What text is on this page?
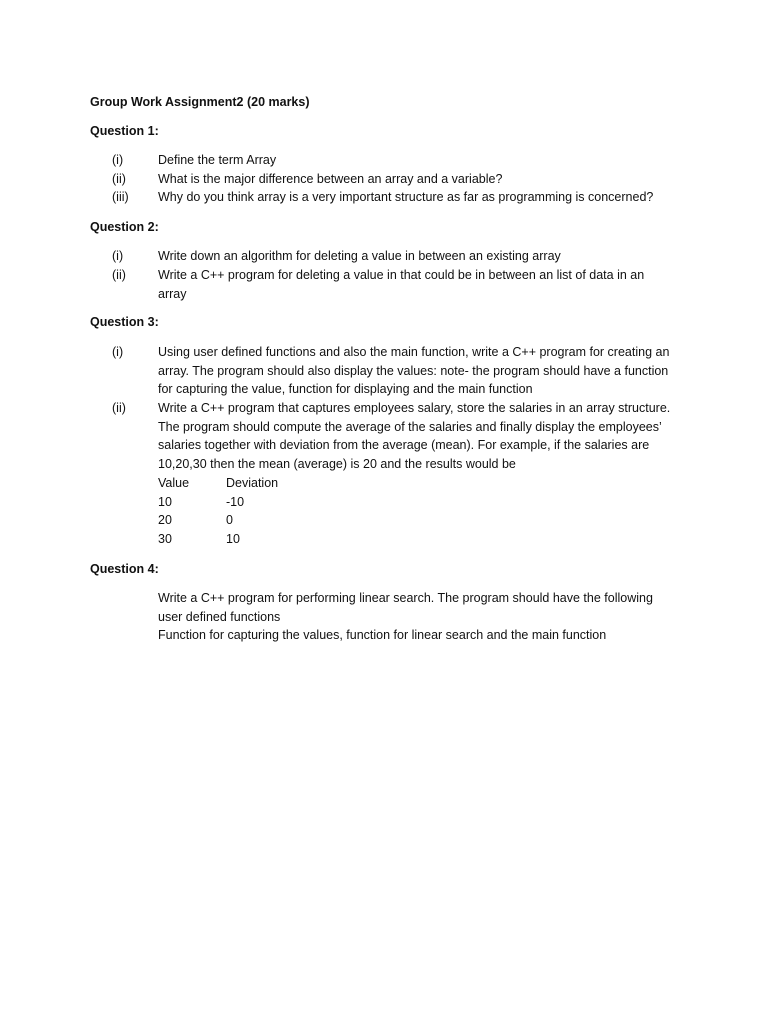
Group Work Assignment2 (20 marks)
Question 1:
(i)	Define the term Array
(ii)	What is the major difference between an array and a variable?
(iii) Why do you think array is a very important structure as far as programming is concerned?
Question 2:
(i)	Write down an algorithm for deleting a value in between an existing array
(ii)	Write a C++ program for deleting a value in that could be in between an list of data in an array
Question 3:
(i)	Using user defined functions and also the main function, write a C++ program for creating an array. The program should also display the values: note- the program should have a function for capturing the value, function for displaying and the main function
(ii)	Write a C++ program that captures employees salary, store the salaries in an array structure. The program should compute the average of the salaries and finally display the employees’ salaries together with deviation from the average (mean). For example, if the salaries are 10,20,30 then the mean (average) is 20 and the results would be
Value	Deviation
10	-10
20	0
30	10
Question 4:
Write a C++ program for performing linear search. The program should have the following user defined functions
Function for capturing the values, function for linear search and the main function
